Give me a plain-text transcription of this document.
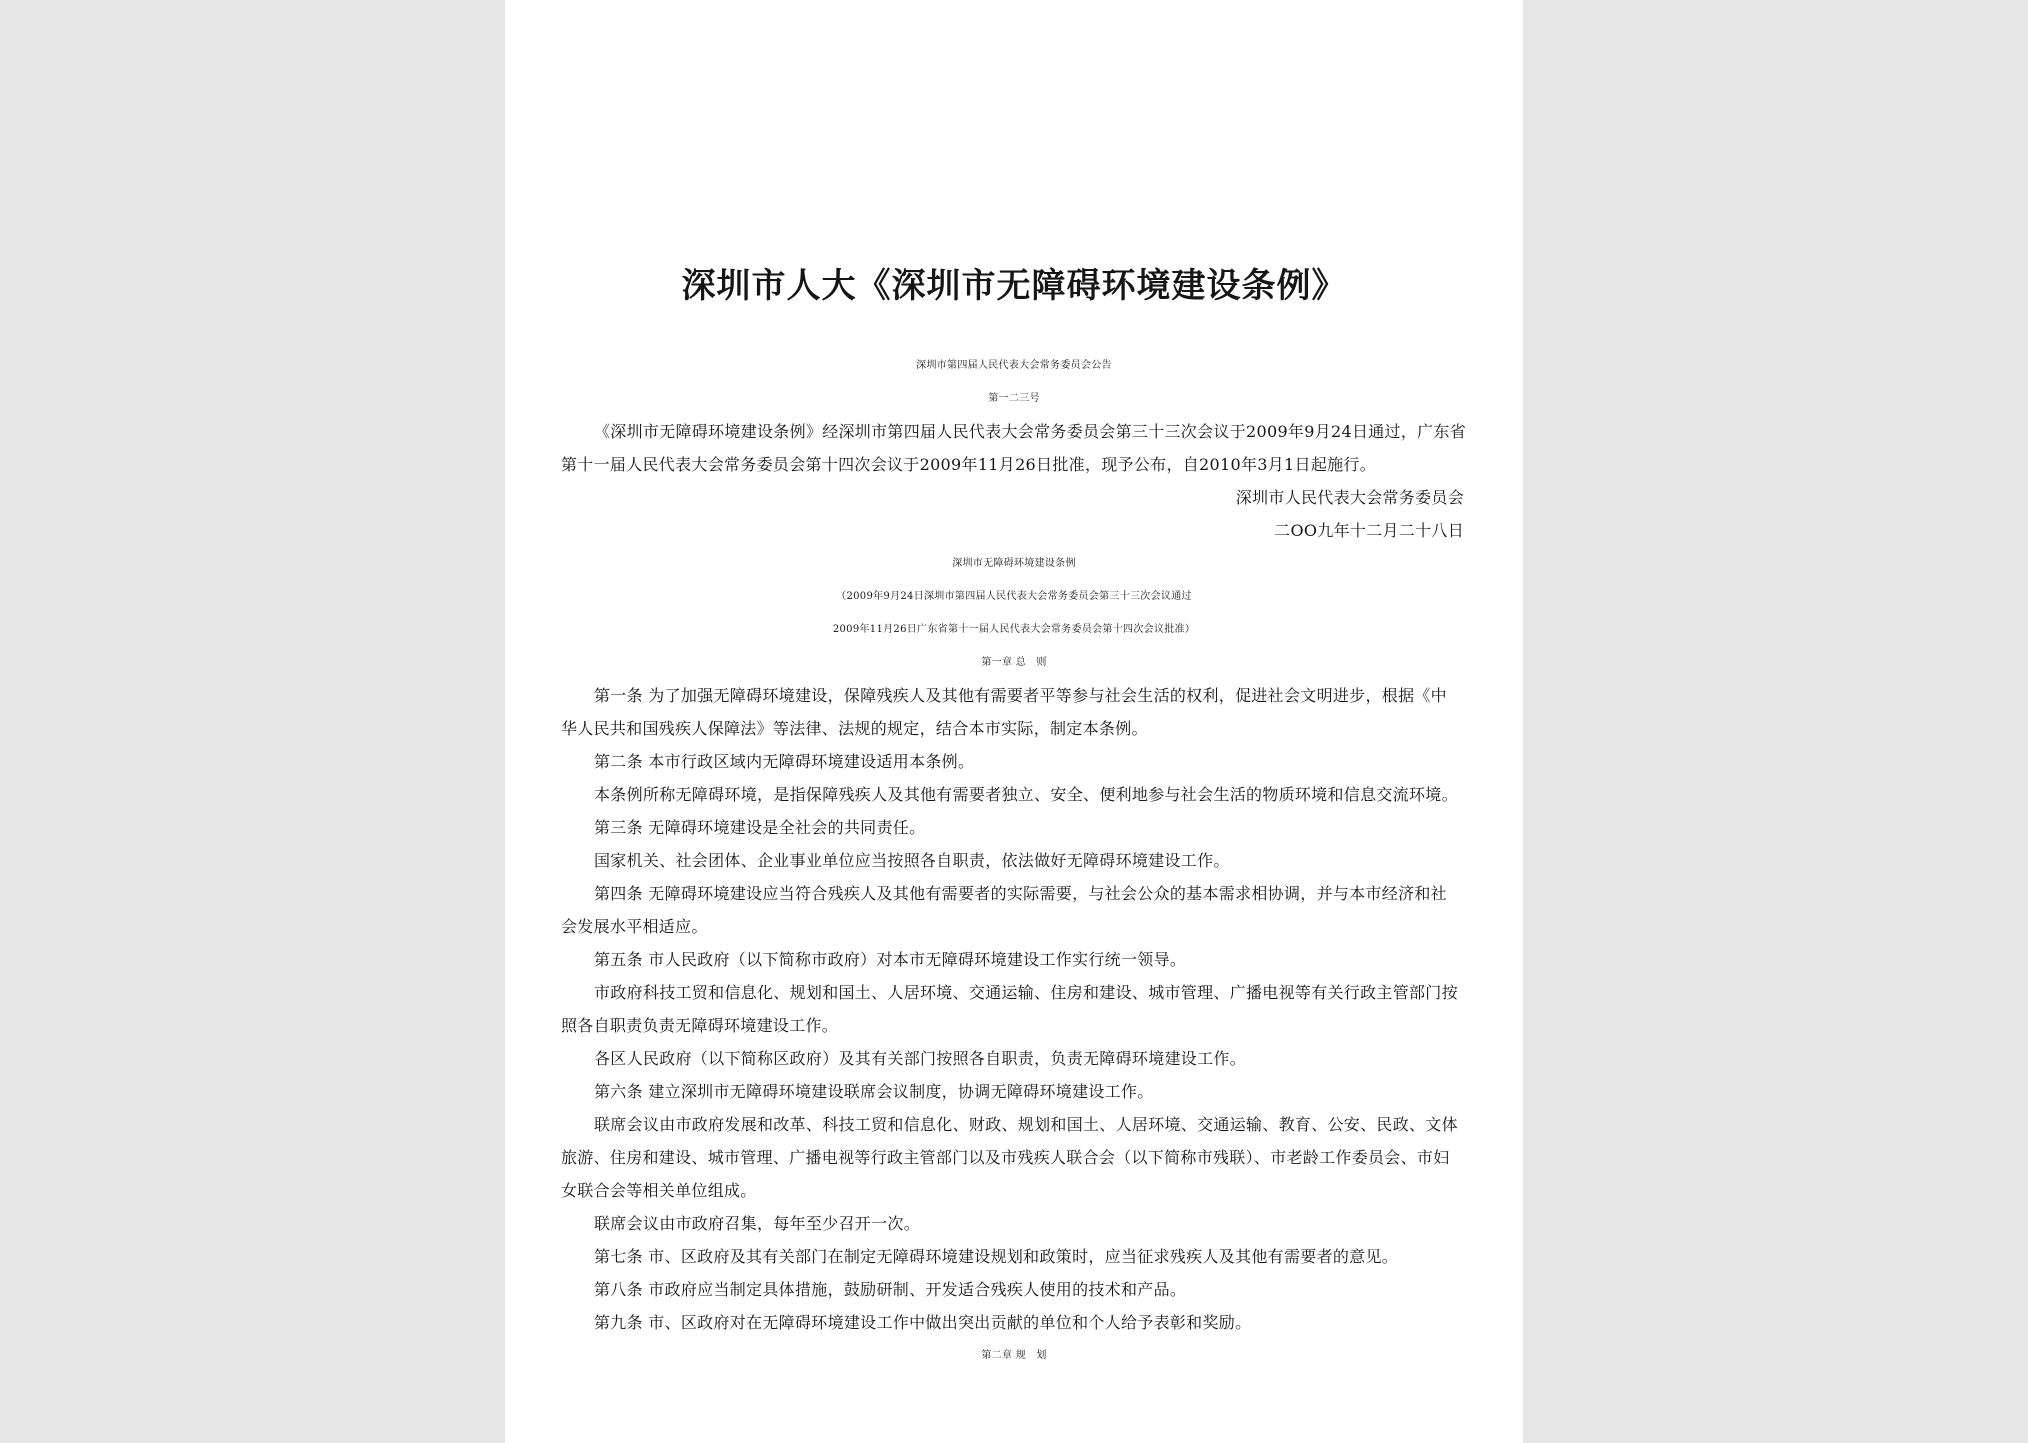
深圳市人大《深圳市无障碍环境建设条例》
深圳市第四届人民代表大会常务委员会公告
第一二三号
《深圳市无障碍环境建设条例》经深圳市第四届人民代表大会常务委员会第三十三次会议于2009年9月24日通过，广东省
第十一届人民代表大会常务委员会第十四次会议于2009年11月26日批准，现予公布，自2010年3月1日起施行。
深圳市人民代表大会常务委员会
二OO九年十二月二十八日
深圳市无障碍环境建设条例
（2009年9月24日深圳市第四届人民代表大会常务委员会第三十三次会议通过
2009年11月26日广东省第十一届人民代表大会常务委员会第十四次会议批准）
第一章 总　则
第一条 为了加强无障碍环境建设，保障残疾人及其他有需要者平等参与社会生活的权利，促进社会文明进步，根据《中
华人民共和国残疾人保障法》等法律、法规的规定，结合本市实际，制定本条例。
第二条 本市行政区域内无障碍环境建设适用本条例。
本条例所称无障碍环境，是指保障残疾人及其他有需要者独立、安全、便利地参与社会生活的物质环境和信息交流环境。
第三条 无障碍环境建设是全社会的共同责任。
国家机关、社会团体、企业事业单位应当按照各自职责，依法做好无障碍环境建设工作。
第四条 无障碍环境建设应当符合残疾人及其他有需要者的实际需要，与社会公众的基本需求相协调，并与本市经济和社
会发展水平相适应。
第五条 市人民政府（以下简称市政府）对本市无障碍环境建设工作实行统一领导。
市政府科技工贸和信息化、规划和国土、人居环境、交通运输、住房和建设、城市管理、广播电视等有关行政主管部门按
照各自职责负责无障碍环境建设工作。
各区人民政府（以下简称区政府）及其有关部门按照各自职责，负责无障碍环境建设工作。
第六条 建立深圳市无障碍环境建设联席会议制度，协调无障碍环境建设工作。
联席会议由市政府发展和改革、科技工贸和信息化、财政、规划和国土、人居环境、交通运输、教育、公安、民政、文体
旅游、住房和建设、城市管理、广播电视等行政主管部门以及市残疾人联合会（以下简称市残联）、市老龄工作委员会、市妇
女联合会等相关单位组成。
联席会议由市政府召集，每年至少召开一次。
第七条 市、区政府及其有关部门在制定无障碍环境建设规划和政策时，应当征求残疾人及其他有需要者的意见。
第八条 市政府应当制定具体措施，鼓励研制、开发适合残疾人使用的技术和产品。
第九条 市、区政府对在无障碍环境建设工作中做出突出贡献的单位和个人给予表彰和奖励。
第二章 规　划
